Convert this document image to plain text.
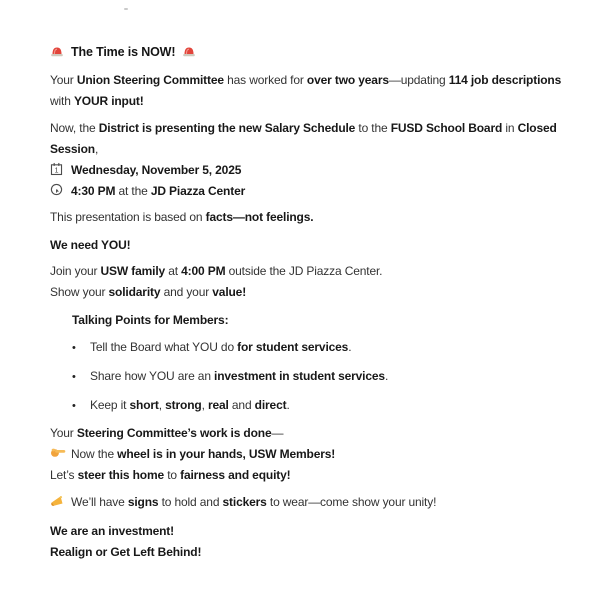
The Time is NOW!
Your Union Steering Committee has worked for over two years—updating 114 job descriptions
with YOUR input!
Now, the District is presenting the new Salary Schedule to the FUSD School Board in Closed
Session,
1 Wednesday, November 5, 2025
4:30 PM at the JD Piazza Center
This presentation is based on facts—not feelings.
We need YOU!
Join your USW family at 4:00 PM outside the JD Piazza Center.
Show your solidarity and your value!
Talking Points for Members:
• Tell the Board what YOU do for student services.
• Share how YOU are an investment in student services.
• Keep it short, strong, real and direct.
Your Steering Committee’s work is done—
Now the wheel is in your hands, USW Members!
Let’s steer this home to fairness and equity!
We’ll have signs to hold and stickers to wear—come show your unity!
We are an investment!
Realign or Get Left Behind!
